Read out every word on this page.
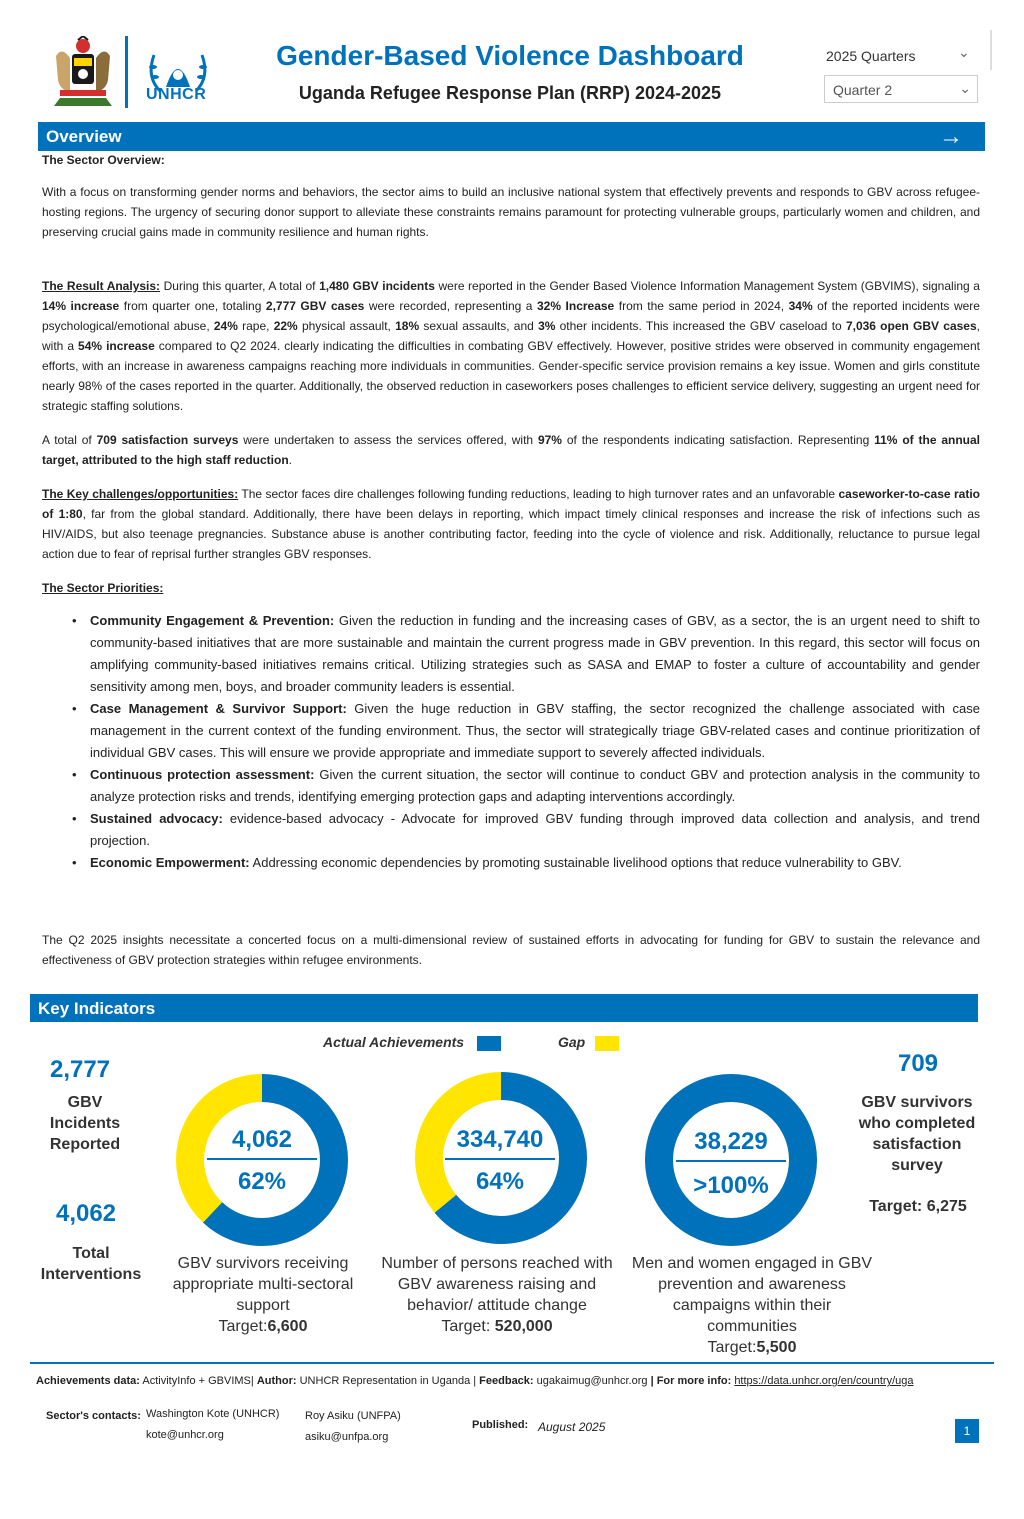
UNHCR
Gender-Based Violence Dashboard
Uganda Refugee Response Plan (RRP) 2024-2025
2025 Quarters	⌄
Quarter 2	⌄
Overview	→
The Sector Overview:
With a focus on transforming gender norms and behaviors, the sector aims to build an inclusive national system that effectively prevents and responds to GBV across refugee-hosting regions. The urgency of securing donor support to alleviate these constraints remains paramount for protecting vulnerable groups, particularly women and children, and preserving crucial gains made in community resilience and human rights.
The Result Analysis: During this quarter, A total of 1,480 GBV incidents were reported in the Gender Based Violence Information Management System (GBVIMS), signaling a 14% increase from quarter one, totaling 2,777 GBV cases were recorded, representing a 32% Increase from the same period in 2024, 34% of the reported incidents were psychological/emotional abuse, 24% rape, 22% physical assault, 18% sexual assaults, and 3% other incidents. This increased the GBV caseload to 7,036 open GBV cases, with a 54% increase compared to Q2 2024. clearly indicating the difficulties in combating GBV effectively. However, positive strides were observed in community engagement efforts, with an increase in awareness campaigns reaching more individuals in communities. Gender-specific service provision remains a key issue. Women and girls constitute nearly 98% of the cases reported in the quarter. Additionally, the observed reduction in caseworkers poses challenges to efficient service delivery, suggesting an urgent need for strategic staffing solutions.
A total of 709 satisfaction surveys were undertaken to assess the services offered, with 97% of the respondents indicating satisfaction. Representing 11% of the annual target, attributed to the high staff reduction.
The Key challenges/opportunities: The sector faces dire challenges following funding reductions, leading to high turnover rates and an unfavorable caseworker-to-case ratio of 1:80, far from the global standard. Additionally, there have been delays in reporting, which impact timely clinical responses and increase the risk of infections such as HIV/AIDS, but also teenage pregnancies. Substance abuse is another contributing factor, feeding into the cycle of violence and risk. Additionally, reluctance to pursue legal action due to fear of reprisal further strangles GBV responses.
The Sector Priorities:
• Community Engagement & Prevention: Given the reduction in funding and the increasing cases of GBV, as a sector, the is an urgent need to shift to community-based initiatives that are more sustainable and maintain the current progress made in GBV prevention. In this regard, this sector will focus on amplifying community-based initiatives remains critical. Utilizing strategies such as SASA and EMAP to foster a culture of accountability and gender sensitivity among men, boys, and broader community leaders is essential.
• Case Management & Survivor Support: Given the huge reduction in GBV staffing, the sector recognized the challenge associated with case management in the current context of the funding environment. Thus, the sector will strategically triage GBV-related cases and continue prioritization of individual GBV cases. This will ensure we provide appropriate and immediate support to severely affected individuals.
• Continuous protection assessment: Given the current situation, the sector will continue to conduct GBV and protection analysis in the community to analyze protection risks and trends, identifying emerging protection gaps and adapting interventions accordingly.
• Sustained advocacy: evidence-based advocacy - Advocate for improved GBV funding through improved data collection and analysis, and trend projection.
• Economic Empowerment: Addressing economic dependencies by promoting sustainable livelihood options that reduce vulnerability to GBV.
The Q2 2025 insights necessitate a concerted focus on a multi-dimensional review of sustained efforts in advocating for funding for GBV to sustain the relevance and effectiveness of GBV protection strategies within refugee environments.
Key Indicators
Actual Achievements	Gap
2,777
GBV Incidents Reported
4,062
Total Interventions
4,062
62%
GBV survivors receiving appropriate multi-sectoral support
Target:6,600
334,740
64%
Number of persons reached with GBV awareness raising and behavior/ attitude change
Target: 520,000
38,229
>100%
Men and women engaged in GBV prevention and awareness campaigns within their communities
Target:5,500
709
GBV survivors who completed satisfaction survey
Target: 6,275
Achievements data: ActivityInfo + GBVIMS| Author: UNHCR Representation in Uganda | Feedback: ugakaimug@unhcr.org | For more info: https://data.unhcr.org/en/country/uga
Sector's contacts: Washington Kote (UNHCR)
kote@unhcr.org
Roy Asiku (UNFPA)
asiku@unfpa.org
Published: August 2025	1
